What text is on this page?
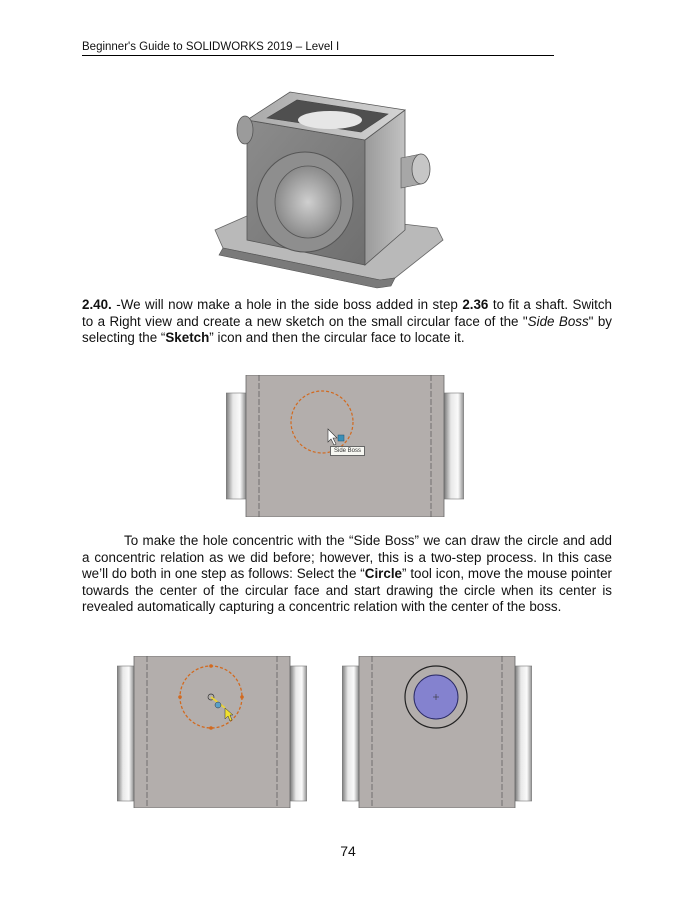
Beginner's Guide to SOLIDWORKS 2019 – Level I

2.40. -We will now make a hole in the side boss added in step 2.36 to fit a shaft. Switch to a Right view and create a new sketch on the small circular face of the "Side Boss" by selecting the “Sketch” icon and then the circular face to locate it.

Side Boss

To make the hole concentric with the “Side Boss” we can draw the circle and add a concentric relation as we did before; however, this is a two-step process. In this case we’ll do both in one step as follows: Select the “Circle” tool icon, move the mouse pointer towards the center of the circular face and start drawing the circle when its center is revealed automatically capturing a concentric relation with the center of the boss.

74
